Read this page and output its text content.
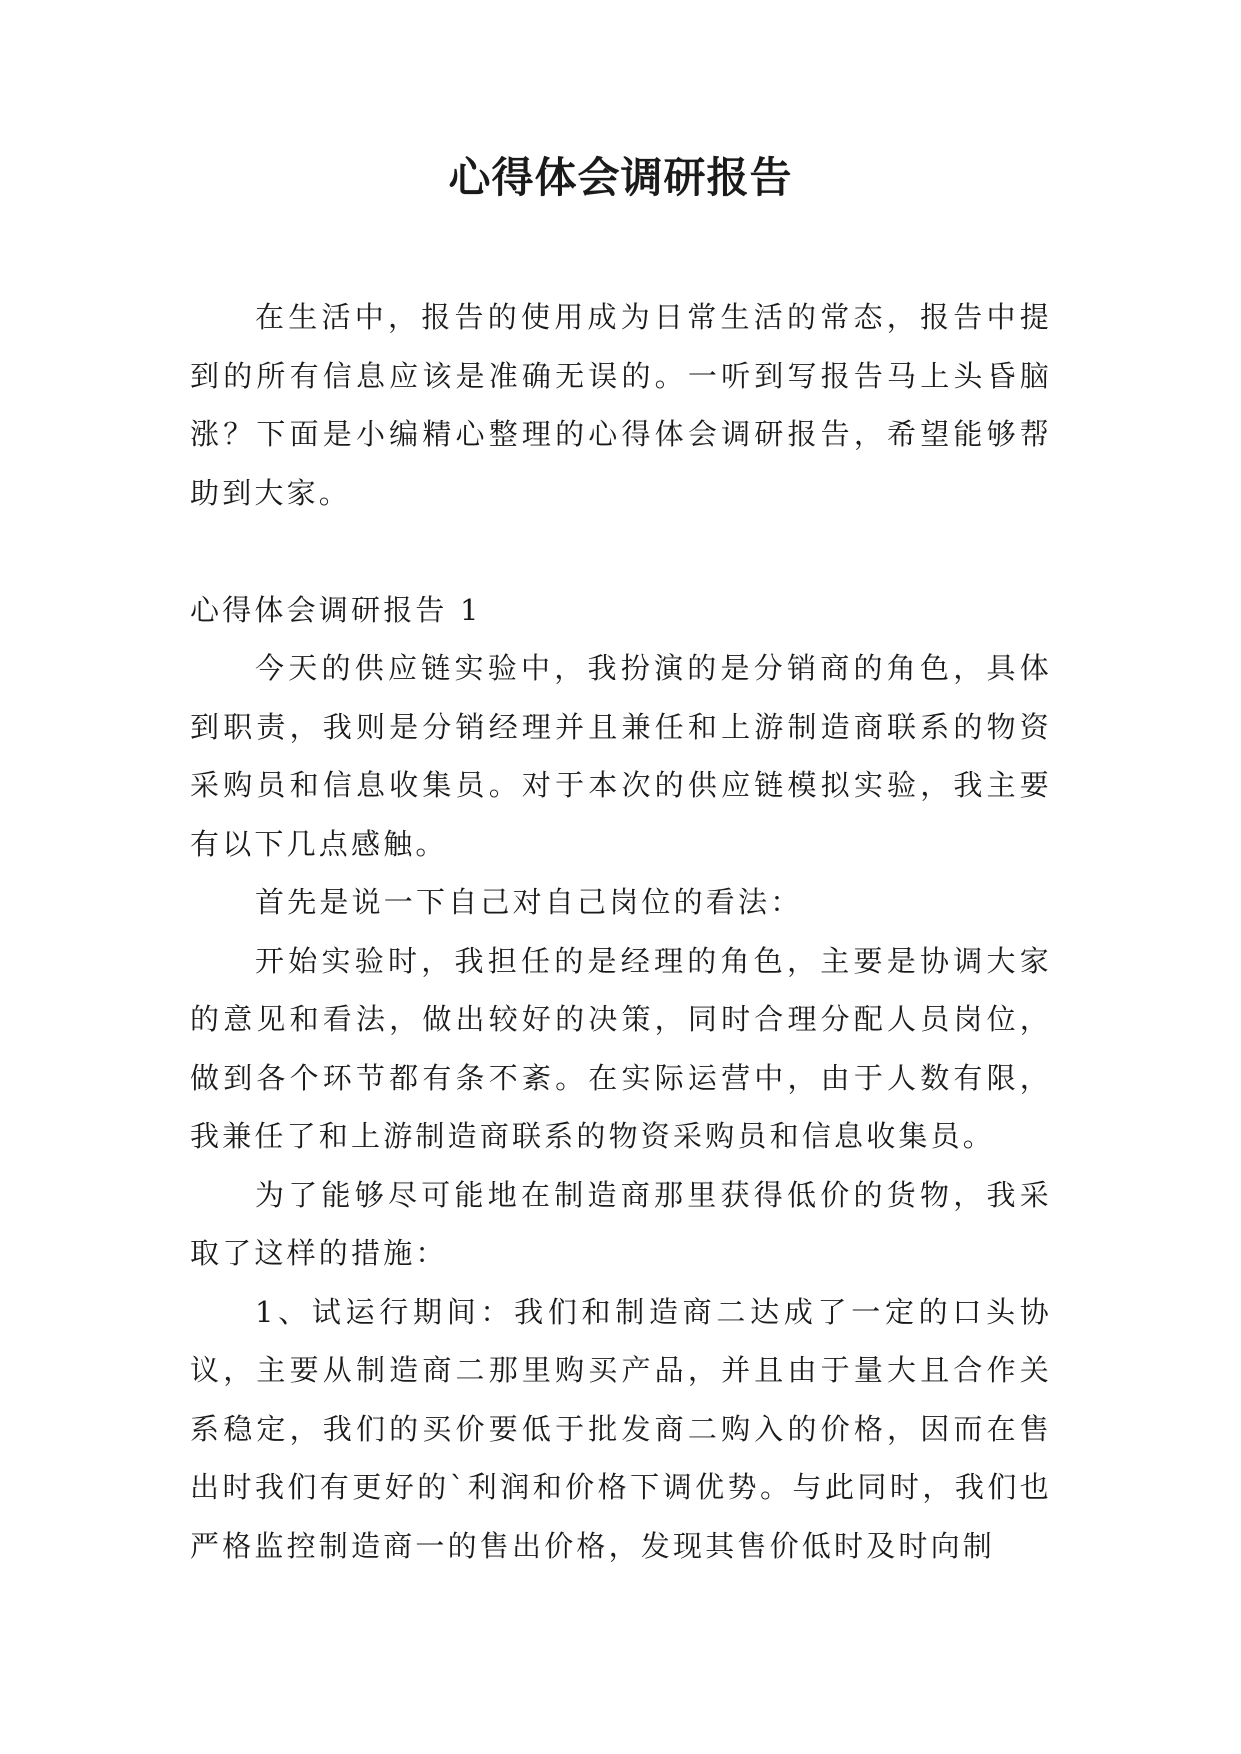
心得体会调研报告

在生活中，报告的使用成为日常生活的常态，报告中提到的所有信息应该是准确无误的。一听到写报告马上头昏脑涨？下面是小编精心整理的心得体会调研报告，希望能够帮助到大家。

心得体会调研报告 1

今天的供应链实验中，我扮演的是分销商的角色，具体到职责，我则是分销经理并且兼任和上游制造商联系的物资采购员和信息收集员。对于本次的供应链模拟实验，我主要有以下几点感触。

首先是说一下自己对自己岗位的看法：

开始实验时，我担任的是经理的角色，主要是协调大家的意见和看法，做出较好的决策，同时合理分配人员岗位，做到各个环节都有条不紊。在实际运营中，由于人数有限，我兼任了和上游制造商联系的物资采购员和信息收集员。

为了能够尽可能地在制造商那里获得低价的货物，我采取了这样的措施：

1、试运行期间：我们和制造商二达成了一定的口头协议，主要从制造商二那里购买产品，并且由于量大且合作关系稳定，我们的买价要低于批发商二购入的价格，因而在售出时我们有更好的`利润和价格下调优势。与此同时，我们也严格监控制造商一的售出价格，发现其售价低时及时向制
